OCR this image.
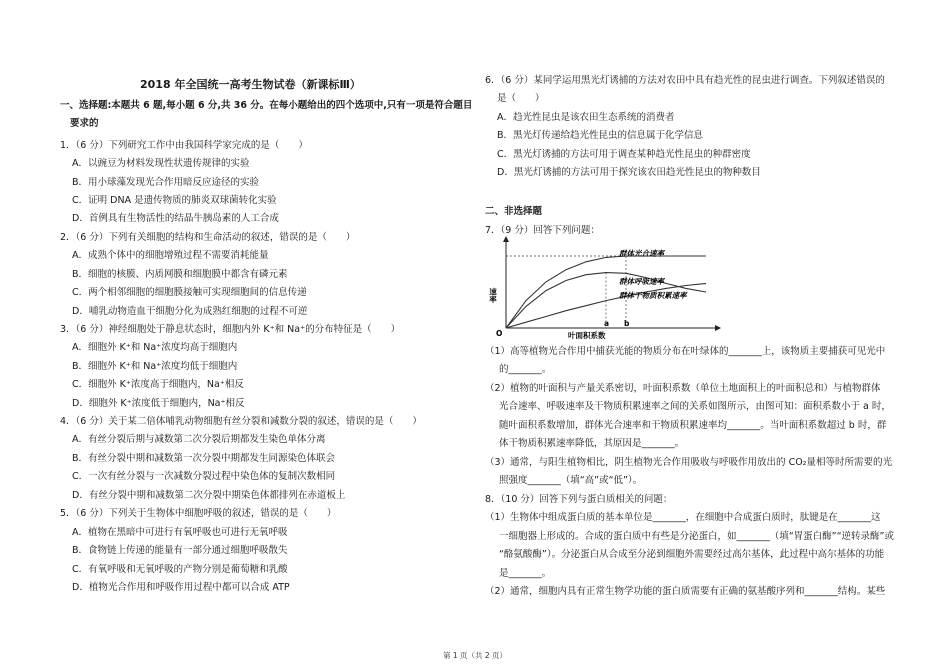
2018 年全国统一高考生物试卷（新课标Ⅲ）
一、选择题:本题共 6 题,每小题 6 分,共 36 分。在每小题给出的四个选项中,只有一项是符合题目
要求的
1．（6 分）下列研究工作中由我国科学家完成的是（　　）
A．以豌豆为材料发现性状遗传规律的实验
B．用小球藻发现光合作用暗反应途径的实验
C．证明 DNA 是遗传物质的肺炎双球菌转化实验
D．首例具有生物活性的结晶牛胰岛素的人工合成
2．（6 分）下列有关细胞的结构和生命活动的叙述，错误的是（　　）
A．成熟个体中的细胞增殖过程不需要消耗能量
B．细胞的核膜、内质网膜和细胞膜中都含有磷元素
C．两个相邻细胞的细胞膜接触可实现细胞间的信息传递
D．哺乳动物造血干细胞分化为成熟红细胞的过程不可逆
3．（6 分）神经细胞处于静息状态时，细胞内外 K⁺和 Na⁺的分布特征是（　　）
A．细胞外 K⁺和 Na⁺浓度均高于细胞内
B．细胞外 K⁺和 Na⁺浓度均低于细胞内
C．细胞外 K⁺浓度高于细胞内，Na⁺相反
D．细胞外 K⁺浓度低于细胞内，Na⁺相反
4．（6 分）关于某二倍体哺乳动物细胞有丝分裂和减数分裂的叙述，错误的是（　　）
A．有丝分裂后期与减数第二次分裂后期都发生染色单体分离
B．有丝分裂中期和减数第一次分裂中期都发生同源染色体联会
C．一次有丝分裂与一次减数分裂过程中染色体的复制次数相同
D．有丝分裂中期和减数第二次分裂中期染色体都排列在赤道板上
5．（6 分）下列关于生物体中细胞呼吸的叙述，错误的是（　　）
A．植物在黑暗中可进行有氧呼吸也可进行无氧呼吸
B．食物链上传递的能量有一部分通过细胞呼吸散失
C．有氧呼吸和无氧呼吸的产物分别是葡萄糖和乳酸
D．植物光合作用和呼吸作用过程中都可以合成 ATP
6．（6 分）某同学运用黑光灯诱捕的方法对农田中具有趋光性的昆虫进行调查。下列叙述错误的
是（　　）
A．趋光性昆虫是该农田生态系统的消费者
B．黑光灯传递给趋光性昆虫的信息属于化学信息
C．黑光灯诱捕的方法可用于调查某种趋光性昆虫的种群密度
D．黑光灯诱捕的方法可用于探究该农田趋光性昆虫的物种数目
二、非选择题
7．（9 分）回答下列问题：
速率
叶面积系数
O
a b
群体光合速率
群体呼吸速率
群体干物质积累速率
（1）高等植物光合作用中捕获光能的物质分布在叶绿体的_______上，该物质主要捕获可见光中
的_______。
（2）植物的叶面积与产量关系密切，叶面积系数（单位土地面积上的叶面积总和）与植物群体
光合速率、呼吸速率及干物质积累速率之间的关系如图所示，由图可知：面积系数小于 a 时，
随叶面积系数增加，群体光合速率和干物质积累速率均_______。当叶面积系数超过 b 时，群
体干物质积累速率降低，其原因是_______。
（3）通常，与阳生植物相比，阴生植物光合作用吸收与呼吸作用放出的 CO₂量相等时所需要的光
照强度_______（填“高”或“低”）。
8．（10 分）回答下列与蛋白质相关的问题：
（1）生物体中组成蛋白质的基本单位是_______，在细胞中合成蛋白质时，肽键是在_______这
一细胞器上形成的。合成的蛋白质中有些是分泌蛋白，如_______（填“胃蛋白酶”“逆转录酶”或
“酪氨酸酶”）。分泌蛋白从合成至分泌到细胞外需要经过高尔基体，此过程中高尔基体的功能
是_______。
（2）通常，细胞内具有正常生物学功能的蛋白质需要有正确的氨基酸序列和_______结构。某些
第 1 页（共 2 页）
